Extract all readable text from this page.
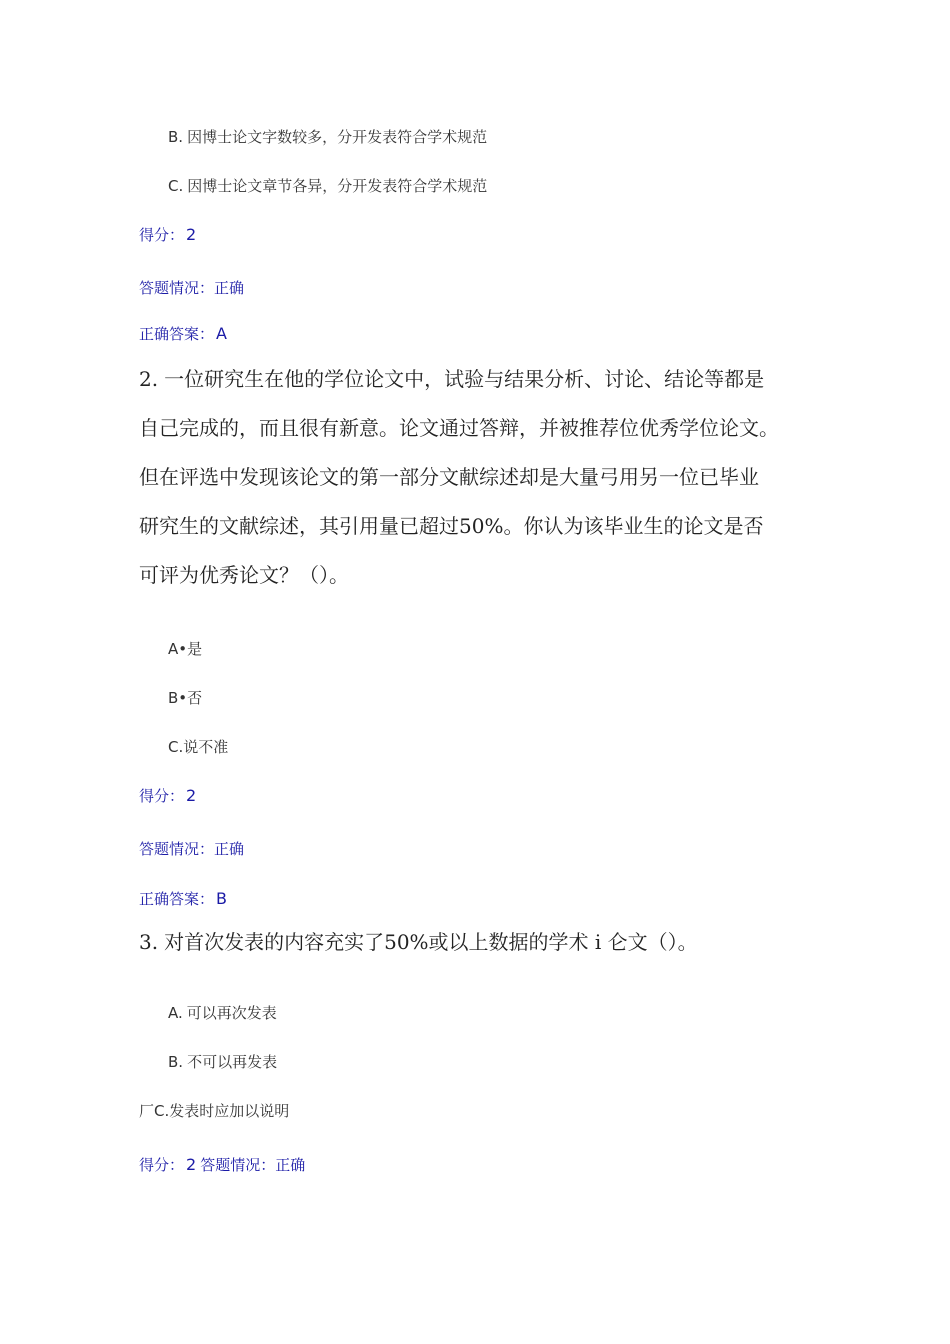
B. 因博士论文字数较多，分开发表符合学术规范
C. 因博士论文章节各异，分开发表符合学术规范
得分： 2
答题情况：正确
正确答案： A
2. 一位研究生在他的学位论文中，试验与结果分析、讨论、结论等都是
自己完成的，而且很有新意。论文通过答辩，并被推荐位优秀学位论文。
但在评选中发现该论文的第一部分文献综述却是大量弓用另一位已毕业
研究生的文献综述，其引用量已超过50%。你认为该毕业生的论文是否
可评为优秀论文？（）。
A•是
B•否
C.说不准
得分： 2
答题情况：正确
正确答案： B
3. 对首次发表的内容充实了50%或以上数据的学术 i 仑文（）。
A. 可以再次发表
B. 不可以再发表
厂C.发表时应加以说明
得分： 2 答题情况：正确
